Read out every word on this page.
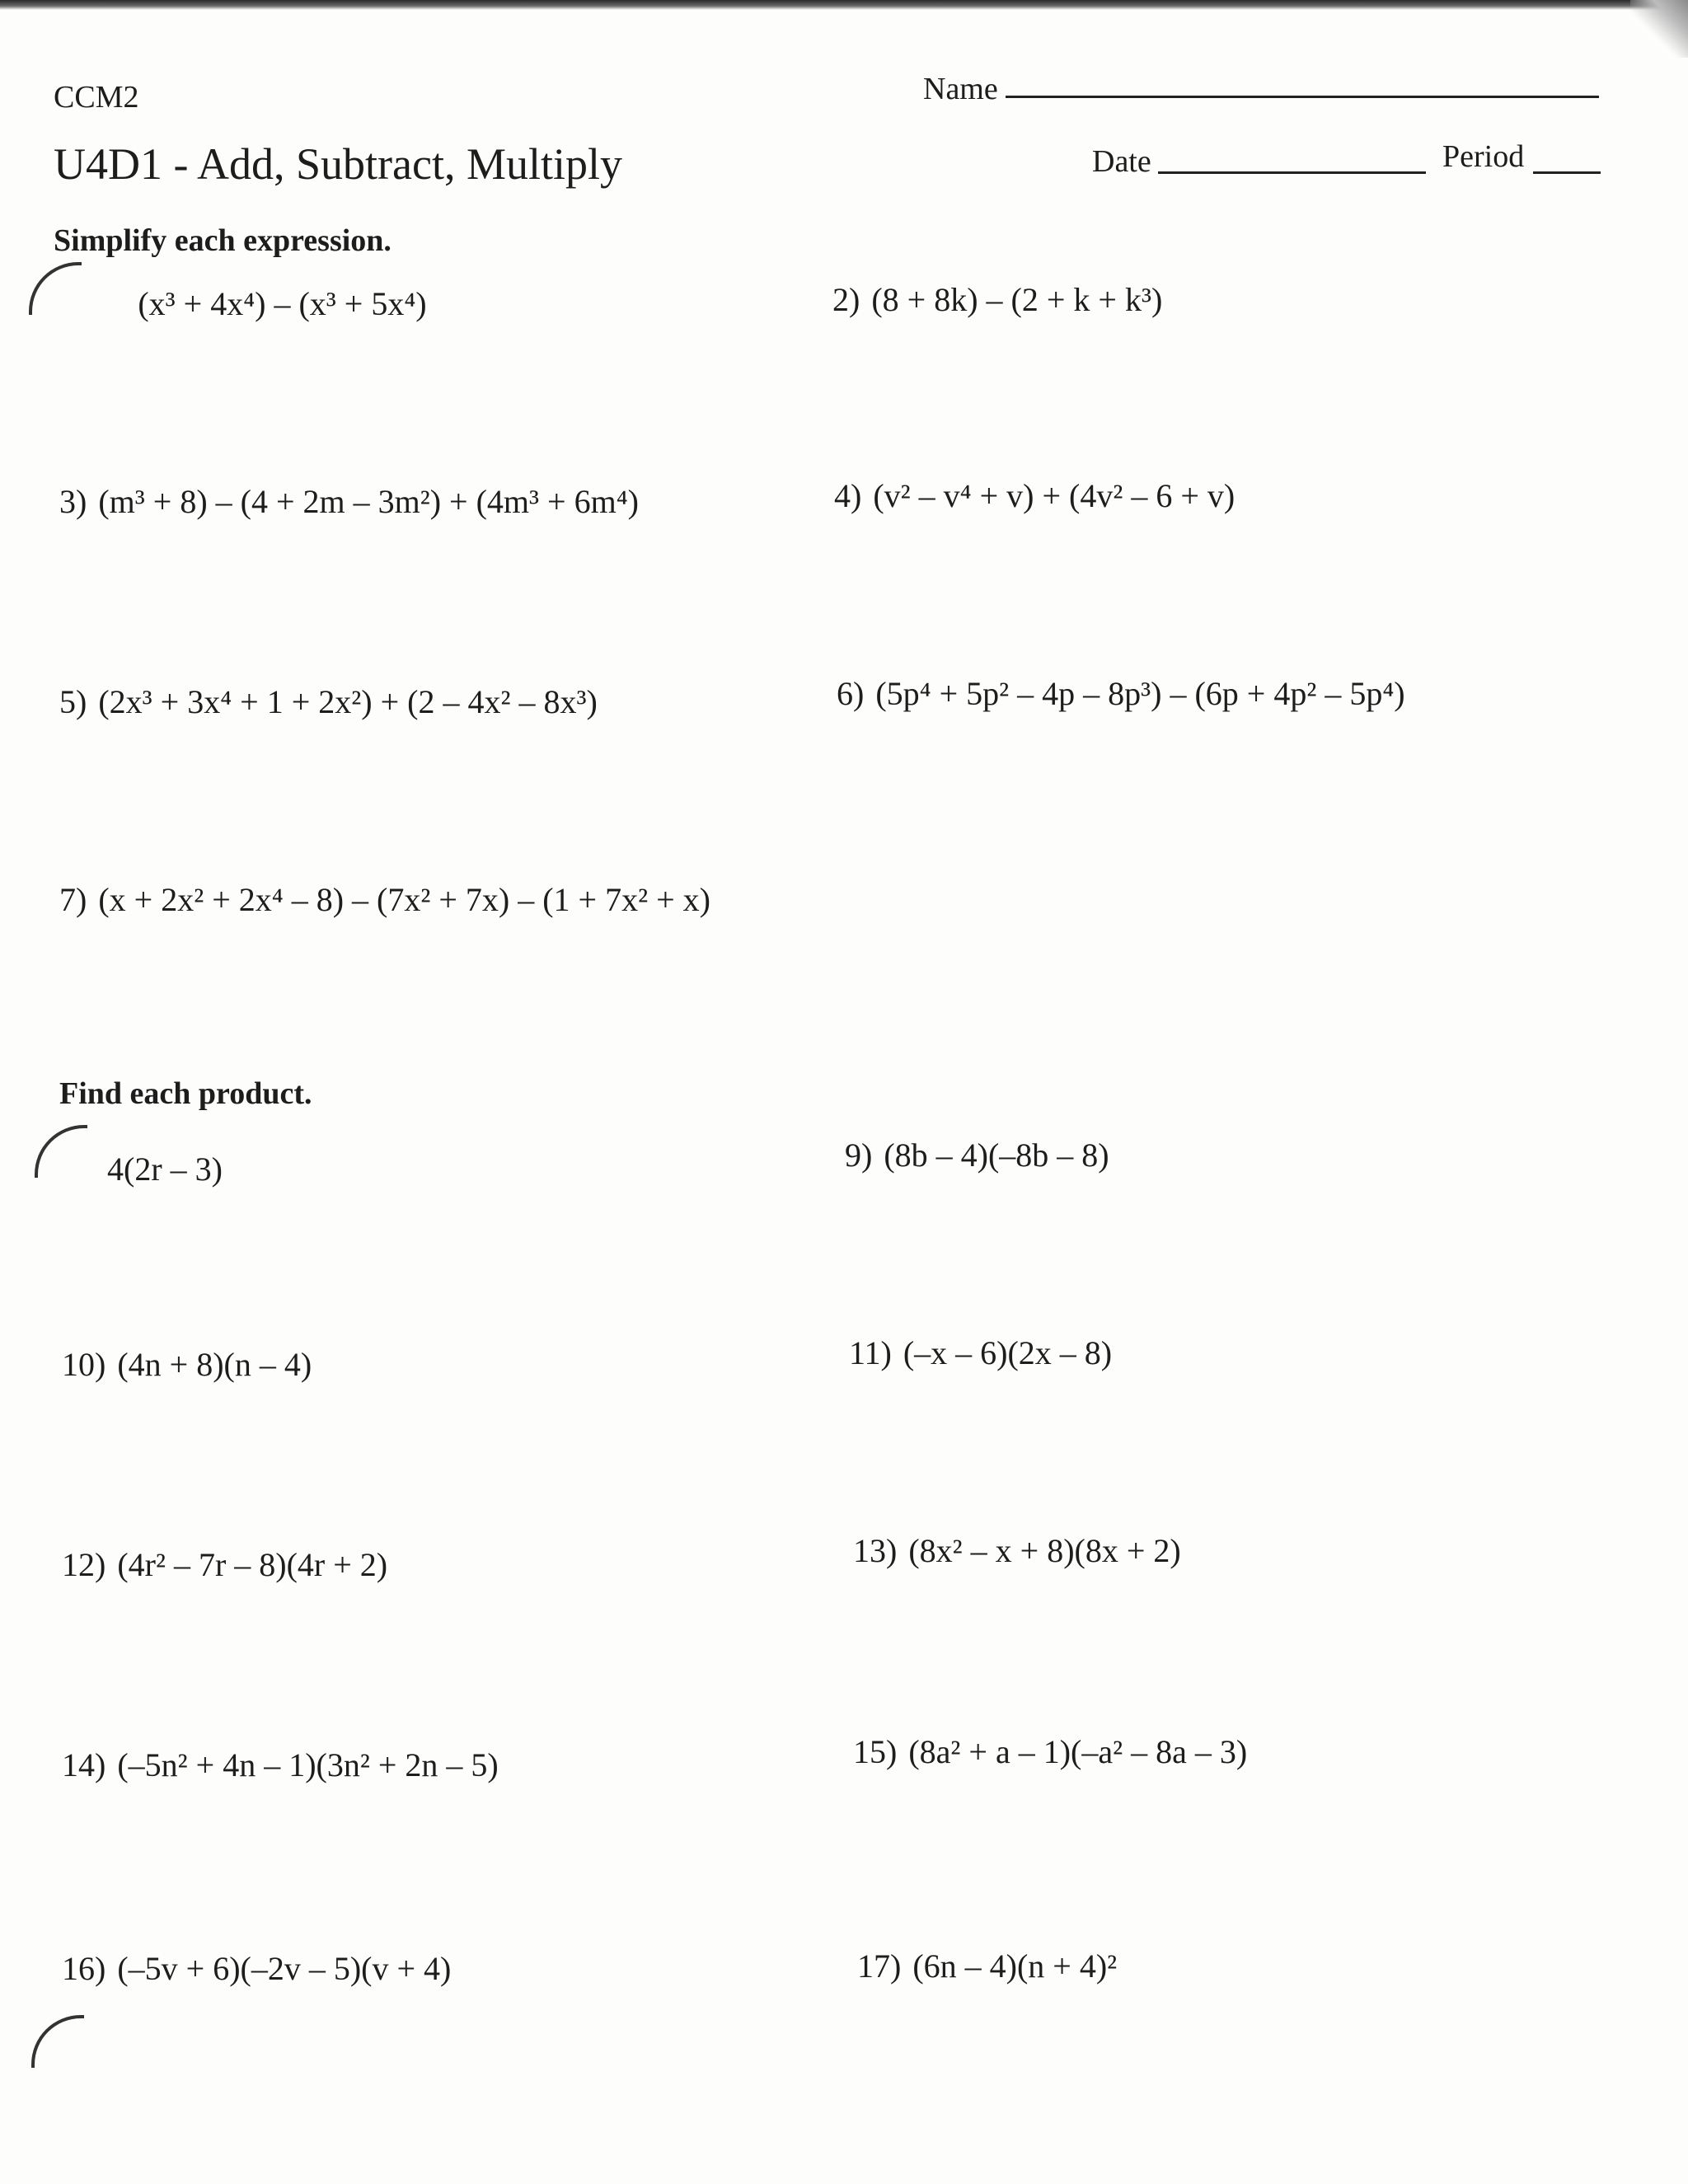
CCM2
U4D1 - Add, Subtract, Multiply
Name
Date	Period
Simplify each expression.
Find each product.
(x³ + 4x⁴) – (x³ + 5x⁴)	2) (8 + 8k) – (2 + k + k³)
3) (m³ + 8) – (4 + 2m – 3m²) + (4m³ + 6m⁴)	4) (v² – v⁴ + v) + (4v² – 6 + v)
5) (2x³ + 3x⁴ + 1 + 2x²) + (2 – 4x² – 8x³)	6) (5p⁴ + 5p² – 4p – 8p³) – (6p + 4p² – 5p⁴)
7) (x + 2x² + 2x⁴ – 8) – (7x² + 7x) – (1 + 7x² + x)
4(2r – 3)	9) (8b – 4)(–8b – 8)
10) (4n + 8)(n – 4)	11) (–x – 6)(2x – 8)
12) (4r² – 7r – 8)(4r + 2)	13) (8x² – x + 8)(8x + 2)
14) (–5n² + 4n – 1)(3n² + 2n – 5)	15) (8a² + a – 1)(–a² – 8a – 3)
16) (–5v + 6)(–2v – 5)(v + 4)	17) (6n – 4)(n + 4)²
